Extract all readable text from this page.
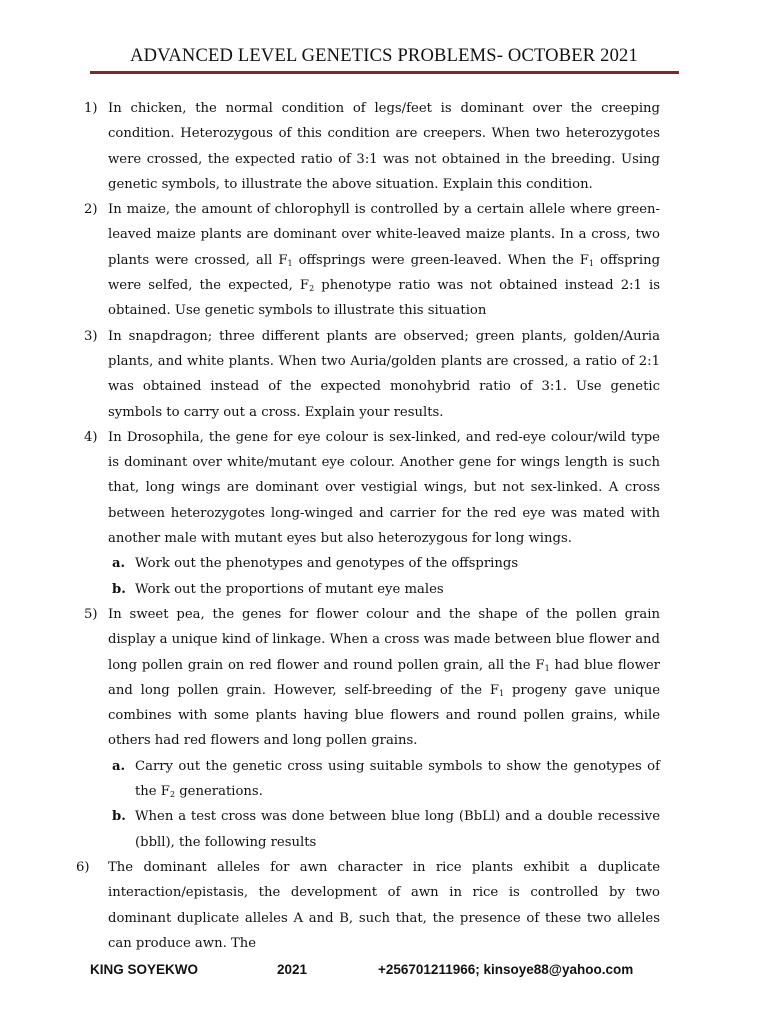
ADVANCED LEVEL GENETICS PROBLEMS- OCTOBER 2021
1) In chicken, the normal condition of legs/feet is dominant over the creeping condition. Heterozygous of this condition are creepers. When two heterozygotes were crossed, the expected ratio of 3:1 was not obtained in the breeding. Using genetic symbols, to illustrate the above situation. Explain this condition.
2) In maize, the amount of chlorophyll is controlled by a certain allele where green-leaved maize plants are dominant over white-leaved maize plants. In a cross, two plants were crossed, all $F_1$ offsprings were green-leaved. When the $F_1$ offspring were selfed, the expected, $F_2$ phenotype ratio was not obtained instead 2:1 is obtained. Use genetic symbols to illustrate this situation
3) In snapdragon; three different plants are observed; green plants, golden/Auria plants, and white plants. When two Auria/golden plants are crossed, a ratio of 2:1 was obtained instead of the expected monohybrid ratio of 3:1. Use genetic symbols to carry out a cross. Explain your results.
4) In Drosophila, the gene for eye colour is sex-linked, and red-eye colour/wild type is dominant over white/mutant eye colour. Another gene for wings length is such that, long wings are dominant over vestigial wings, but not sex-linked. A cross between heterozygotes long-winged and carrier for the red eye was mated with another male with mutant eyes but also heterozygous for long wings.
a. Work out the phenotypes and genotypes of the offsprings
b. Work out the proportions of mutant eye males
5) In sweet pea, the genes for flower colour and the shape of the pollen grain display a unique kind of linkage. When a cross was made between blue flower and long pollen grain on red flower and round pollen grain, all the $F_1$ had blue flower and long pollen grain. However, self-breeding of the $F_1$ progeny gave unique combines with some plants having blue flowers and round pollen grains, while others had red flowers and long pollen grains.
a. Carry out the genetic cross using suitable symbols to show the genotypes of the $F_2$ generations.
b. When a test cross was done between blue long (BbLl) and a double recessive (bbll), the following results
6)	The dominant alleles for awn character in rice plants exhibit a duplicate interaction/epistasis, the development of awn in rice is controlled by two dominant duplicate alleles A and B, such that, the presence of these two alleles can produce awn. The
KING SOYEKWO	2021	+256701211966; kinsoye88@yahoo.com
